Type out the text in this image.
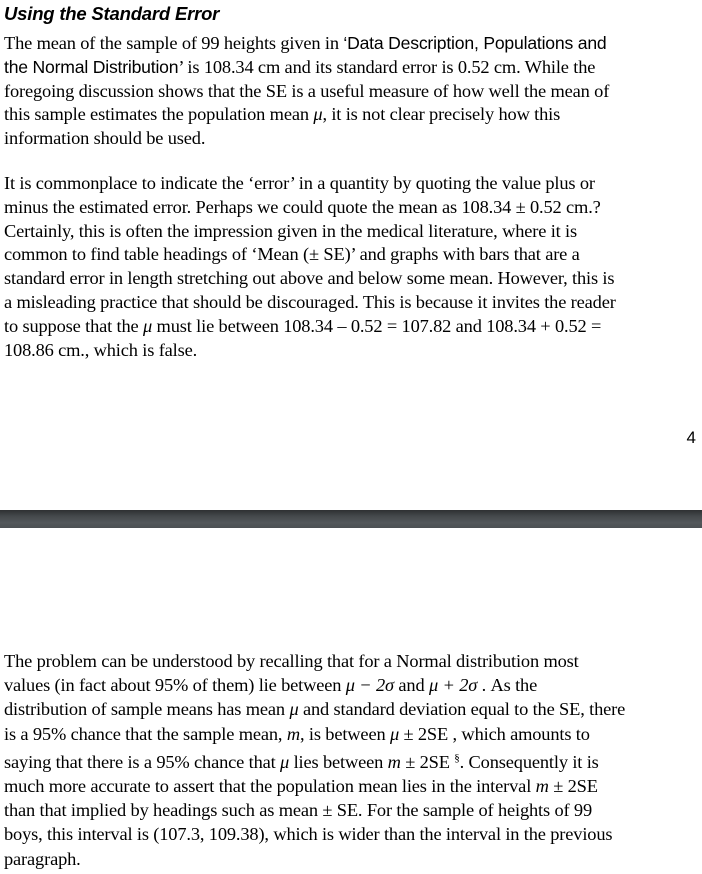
Using the Standard Error

The mean of the sample of 99 heights given in ‘Data Description, Populations and
the Normal Distribution’ is 108.34 cm and its standard error is 0.52 cm. While the
foregoing discussion shows that the SE is a useful measure of how well the mean of
this sample estimates the population mean μ, it is not clear precisely how this
information should be used.

It is commonplace to indicate the ‘error’ in a quantity by quoting the value plus or
minus the estimated error. Perhaps we could quote the mean as 108.34 ± 0.52 cm.?
Certainly, this is often the impression given in the medical literature, where it is
common to find table headings of ‘Mean (± SE)’ and graphs with bars that are a
standard error in length stretching out above and below some mean. However, this is
a misleading practice that should be discouraged. This is because it invites the reader
to suppose that the μ must lie between 108.34 – 0.52 = 107.82 and 108.34 + 0.52 =
108.86 cm., which is false.

4

The problem can be understood by recalling that for a Normal distribution most
values (in fact about 95% of them) lie between μ − 2σ and μ + 2σ . As the
distribution of sample means has mean μ and standard deviation equal to the SE, there
is a 95% chance that the sample mean, m, is between μ ± 2SE , which amounts to
saying that there is a 95% chance that μ lies between m ± 2SE §. Consequently it is
much more accurate to assert that the population mean lies in the interval m ± 2SE
than that implied by headings such as mean ± SE. For the sample of heights of 99
boys, this interval is (107.3, 109.38), which is wider than the interval in the previous
paragraph.
